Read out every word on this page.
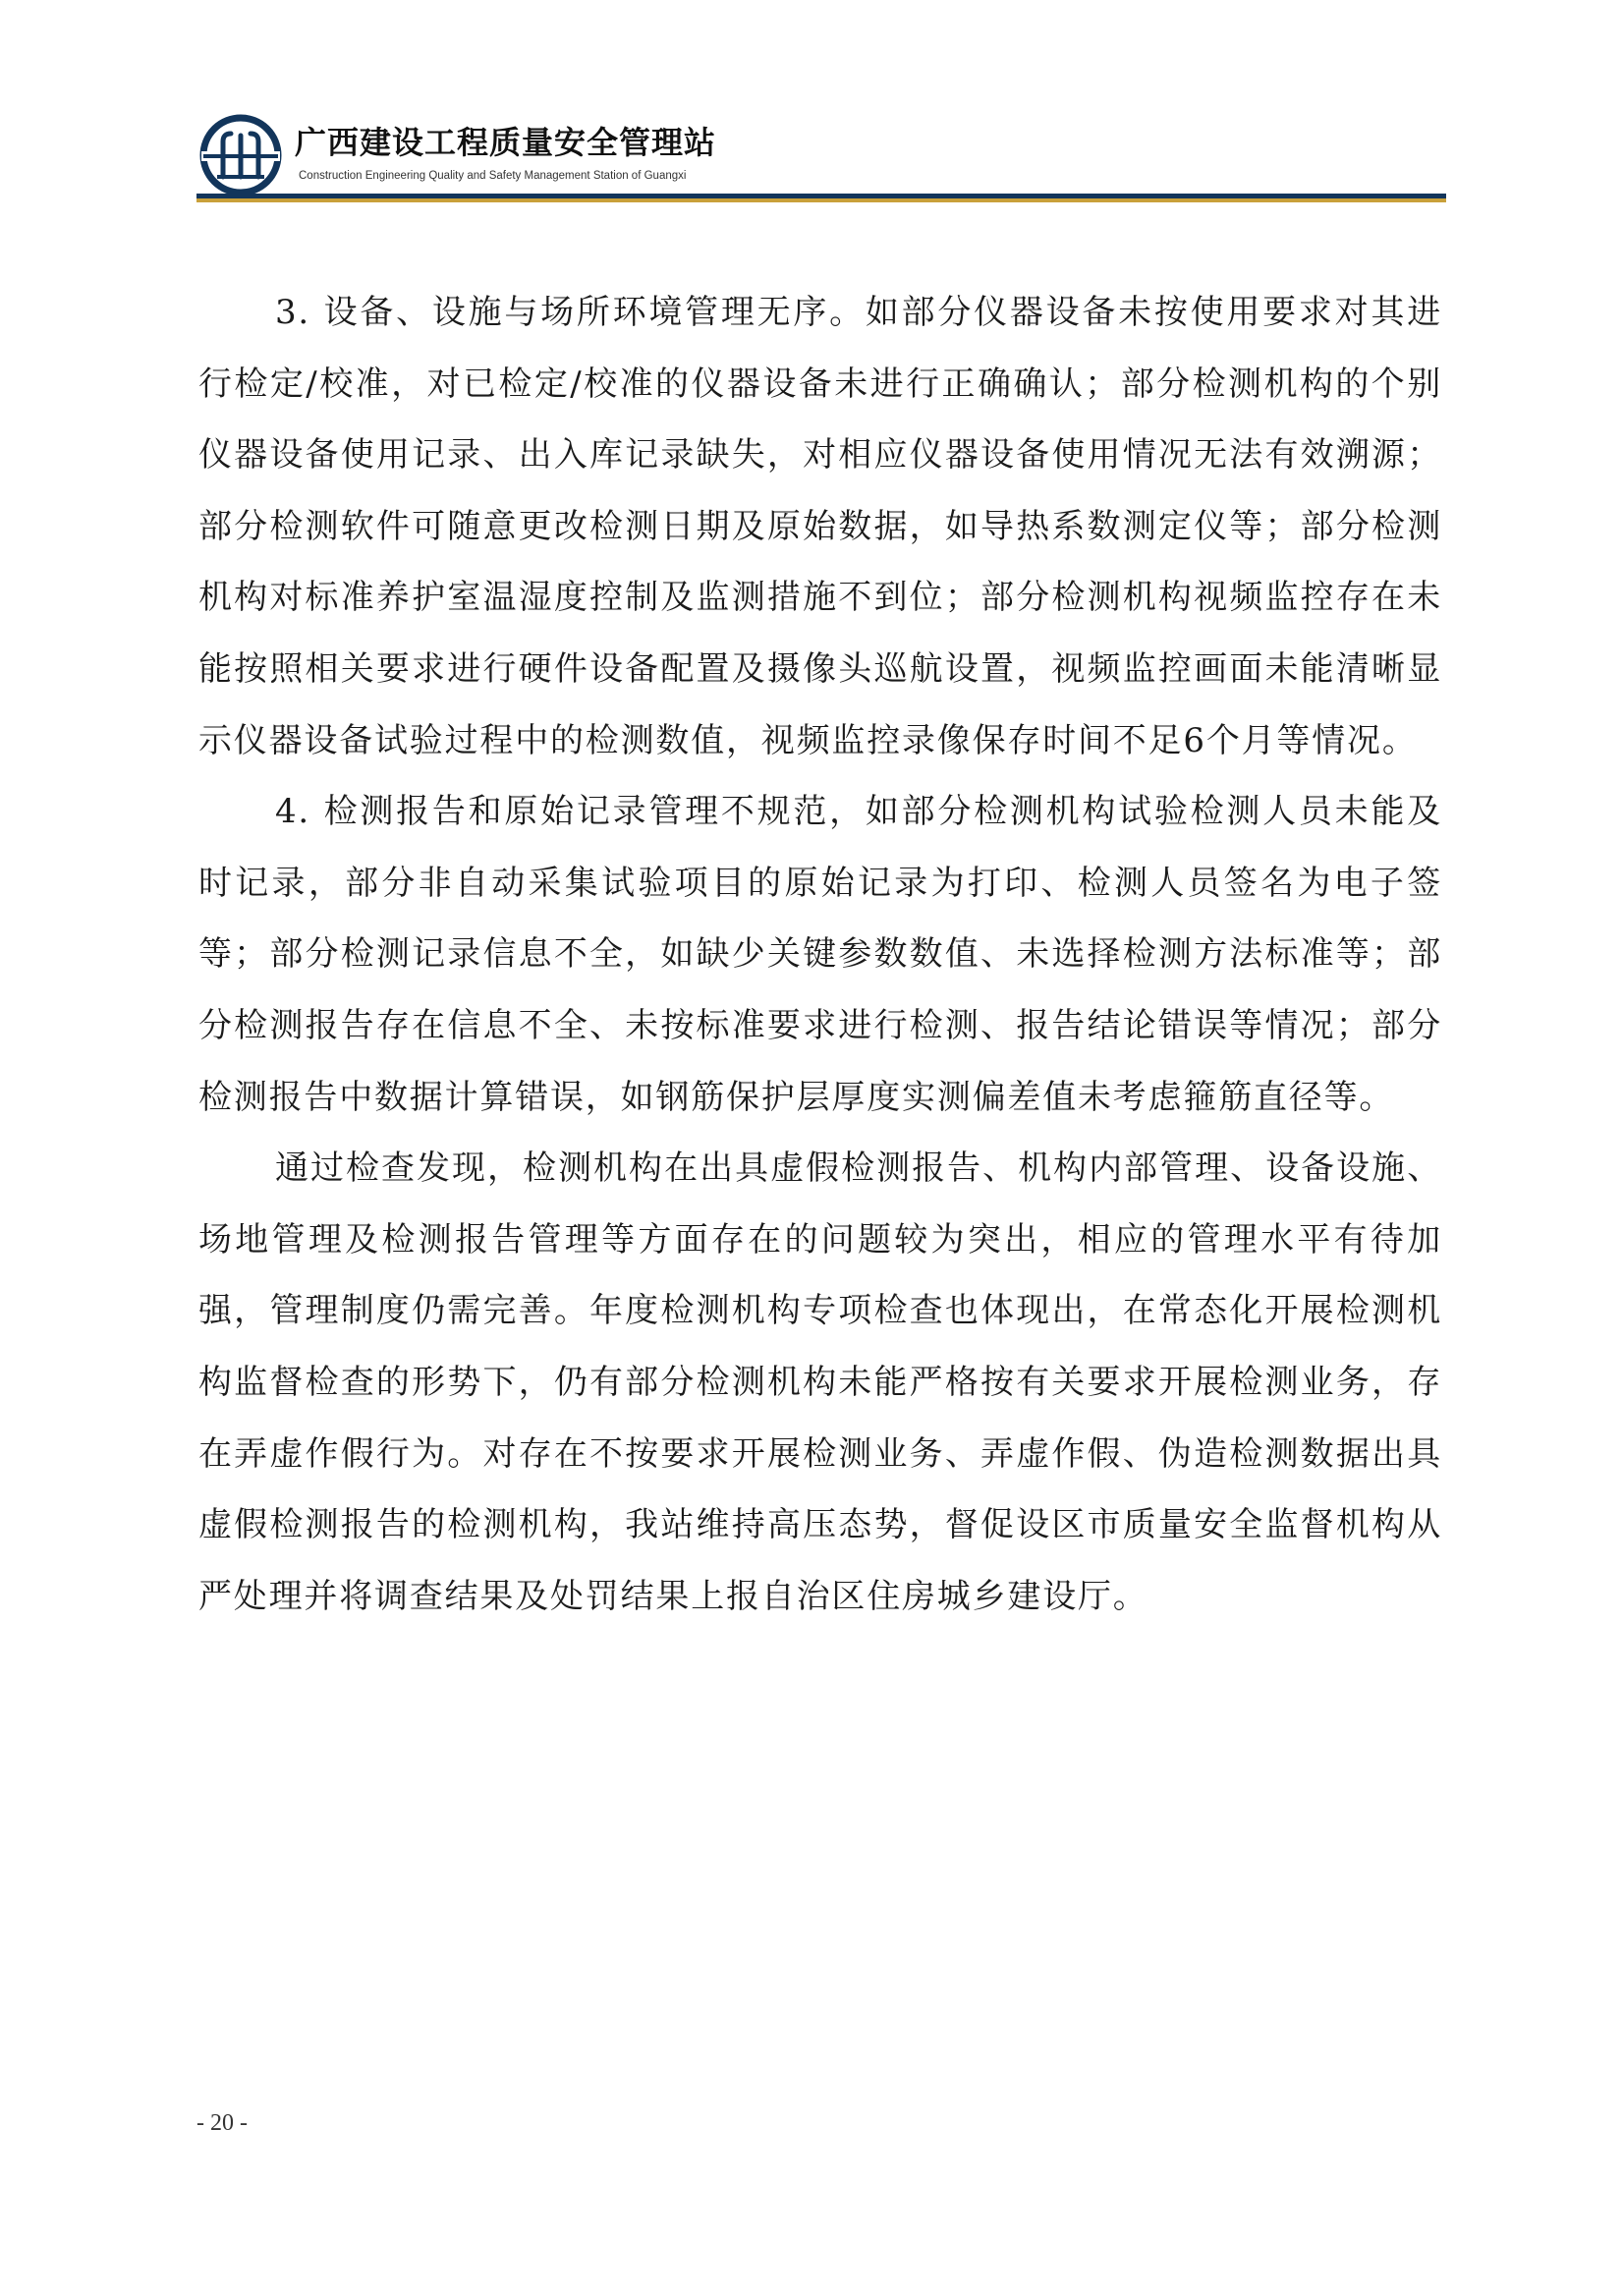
广西建设工程质量安全管理站
Construction Engineering Quality and Safety Management Station of Guangxi

3. 设备、设施与场所环境管理无序。如部分仪器设备未按使用要求对其进行检定/校准，对已检定/校准的仪器设备未进行正确确认；部分检测机构的个别仪器设备使用记录、出入库记录缺失，对相应仪器设备使用情况无法有效溯源；部分检测软件可随意更改检测日期及原始数据，如导热系数测定仪等；部分检测机构对标准养护室温湿度控制及监测措施不到位；部分检测机构视频监控存在未能按照相关要求进行硬件设备配置及摄像头巡航设置，视频监控画面未能清晰显示仪器设备试验过程中的检测数值，视频监控录像保存时间不足6个月等情况。

4. 检测报告和原始记录管理不规范，如部分检测机构试验检测人员未能及时记录，部分非自动采集试验项目的原始记录为打印、检测人员签名为电子签等；部分检测记录信息不全，如缺少关键参数数值、未选择检测方法标准等；部分检测报告存在信息不全、未按标准要求进行检测、报告结论错误等情况；部分检测报告中数据计算错误，如钢筋保护层厚度实测偏差值未考虑箍筋直径等。

通过检查发现，检测机构在出具虚假检测报告、机构内部管理、设备设施、场地管理及检测报告管理等方面存在的问题较为突出，相应的管理水平有待加强，管理制度仍需完善。年度检测机构专项检查也体现出，在常态化开展检测机构监督检查的形势下，仍有部分检测机构未能严格按有关要求开展检测业务，存在弄虚作假行为。对存在不按要求开展检测业务、弄虚作假、伪造检测数据出具虚假检测报告的检测机构，我站维持高压态势，督促设区市质量安全监督机构从严处理并将调查结果及处罚结果上报自治区住房城乡建设厅。

- 20 -
